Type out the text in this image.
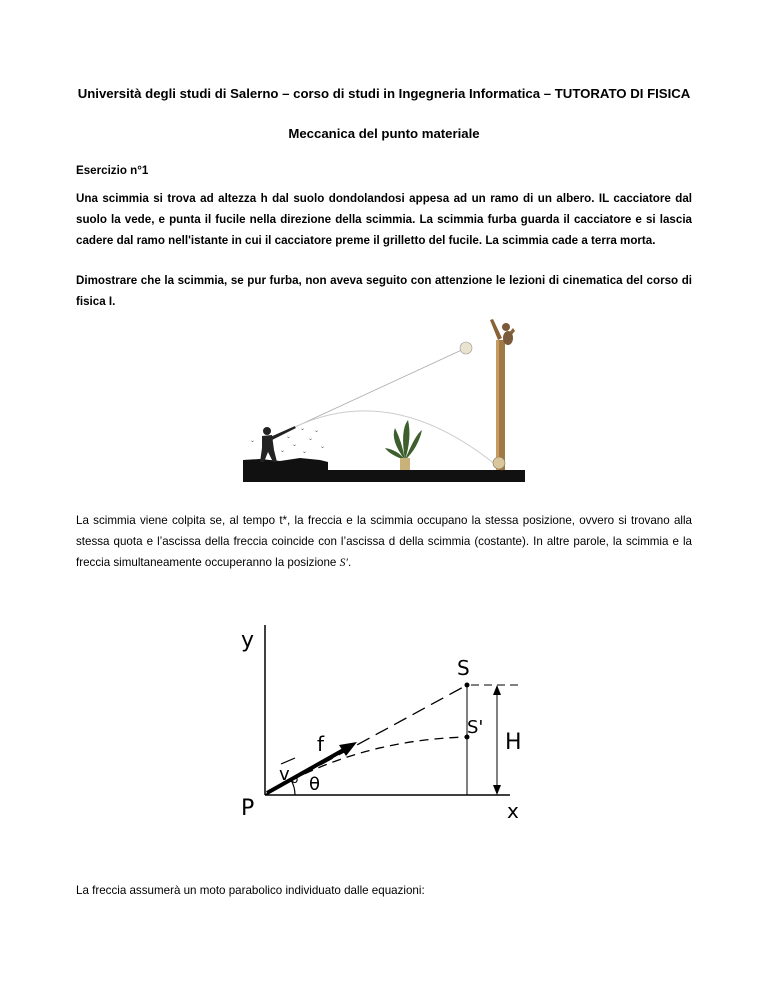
Università degli studi di Salerno – corso di studi in Ingegneria Informatica – TUTORATO DI FISICA

Meccanica del punto materiale

Esercizio n°1

Una scimmia si trova ad altezza h dal suolo dondolandosi appesa ad un ramo di un albero. IL cacciatore dal suolo la vede, e punta il fucile nella direzione della scimmia. La scimmia furba guarda il cacciatore e si lascia cadere dal ramo nell'istante in cui il cacciatore preme il grilletto del fucile. La scimmia cade a terra morta.

Dimostrare che la scimmia, se pur furba, non aveva seguito con attenzione le lezioni di cinematica del corso di fisica I.

⌄
⌄
⌄
⌄
⌄
⌄
⌄
⌄
⌄

La scimmia viene colpita se, al tempo t*, la freccia e la scimmia occupano la stessa posizione, ovvero si trovano alla stessa quota e l’ascissa della freccia coincide con l’ascissa d della scimmia (costante). In altre parole, la scimmia e la freccia simultaneamente occuperanno la posizione S′.

y
x
P
S
S'
H
v o
f
θ

La freccia assumerà un moto parabolico individuato dalle equazioni:
